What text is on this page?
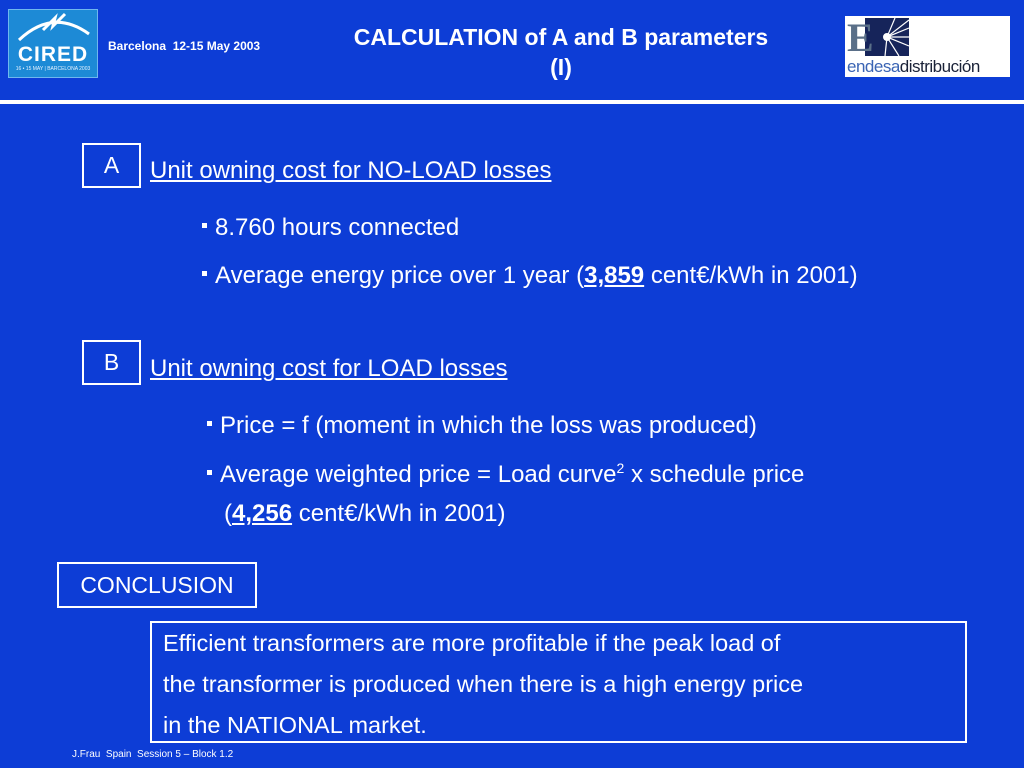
CIRED
16 • 15 MAY | BARCELONA 2003
Barcelona  12-15 May 2003	CALCULATION of A and B parameters
(I)
E
endesadistribución
A	Unit owning cost for NO-LOAD losses
8.760 hours connected
Average energy price over 1 year (3,859 cent€/kWh in 2001)
B	Unit owning cost for LOAD losses
Price = f (moment in which the loss was produced)
Average weighted price = Load curve$^2$ x schedule price
(4,256 cent€/kWh in 2001)
CONCLUSION
Efficient transformers are more profitable if the peak load of
the transformer is produced when there is a high energy price
in the NATIONAL market.
J.Frau  Spain  Session 5 – Block 1.2
